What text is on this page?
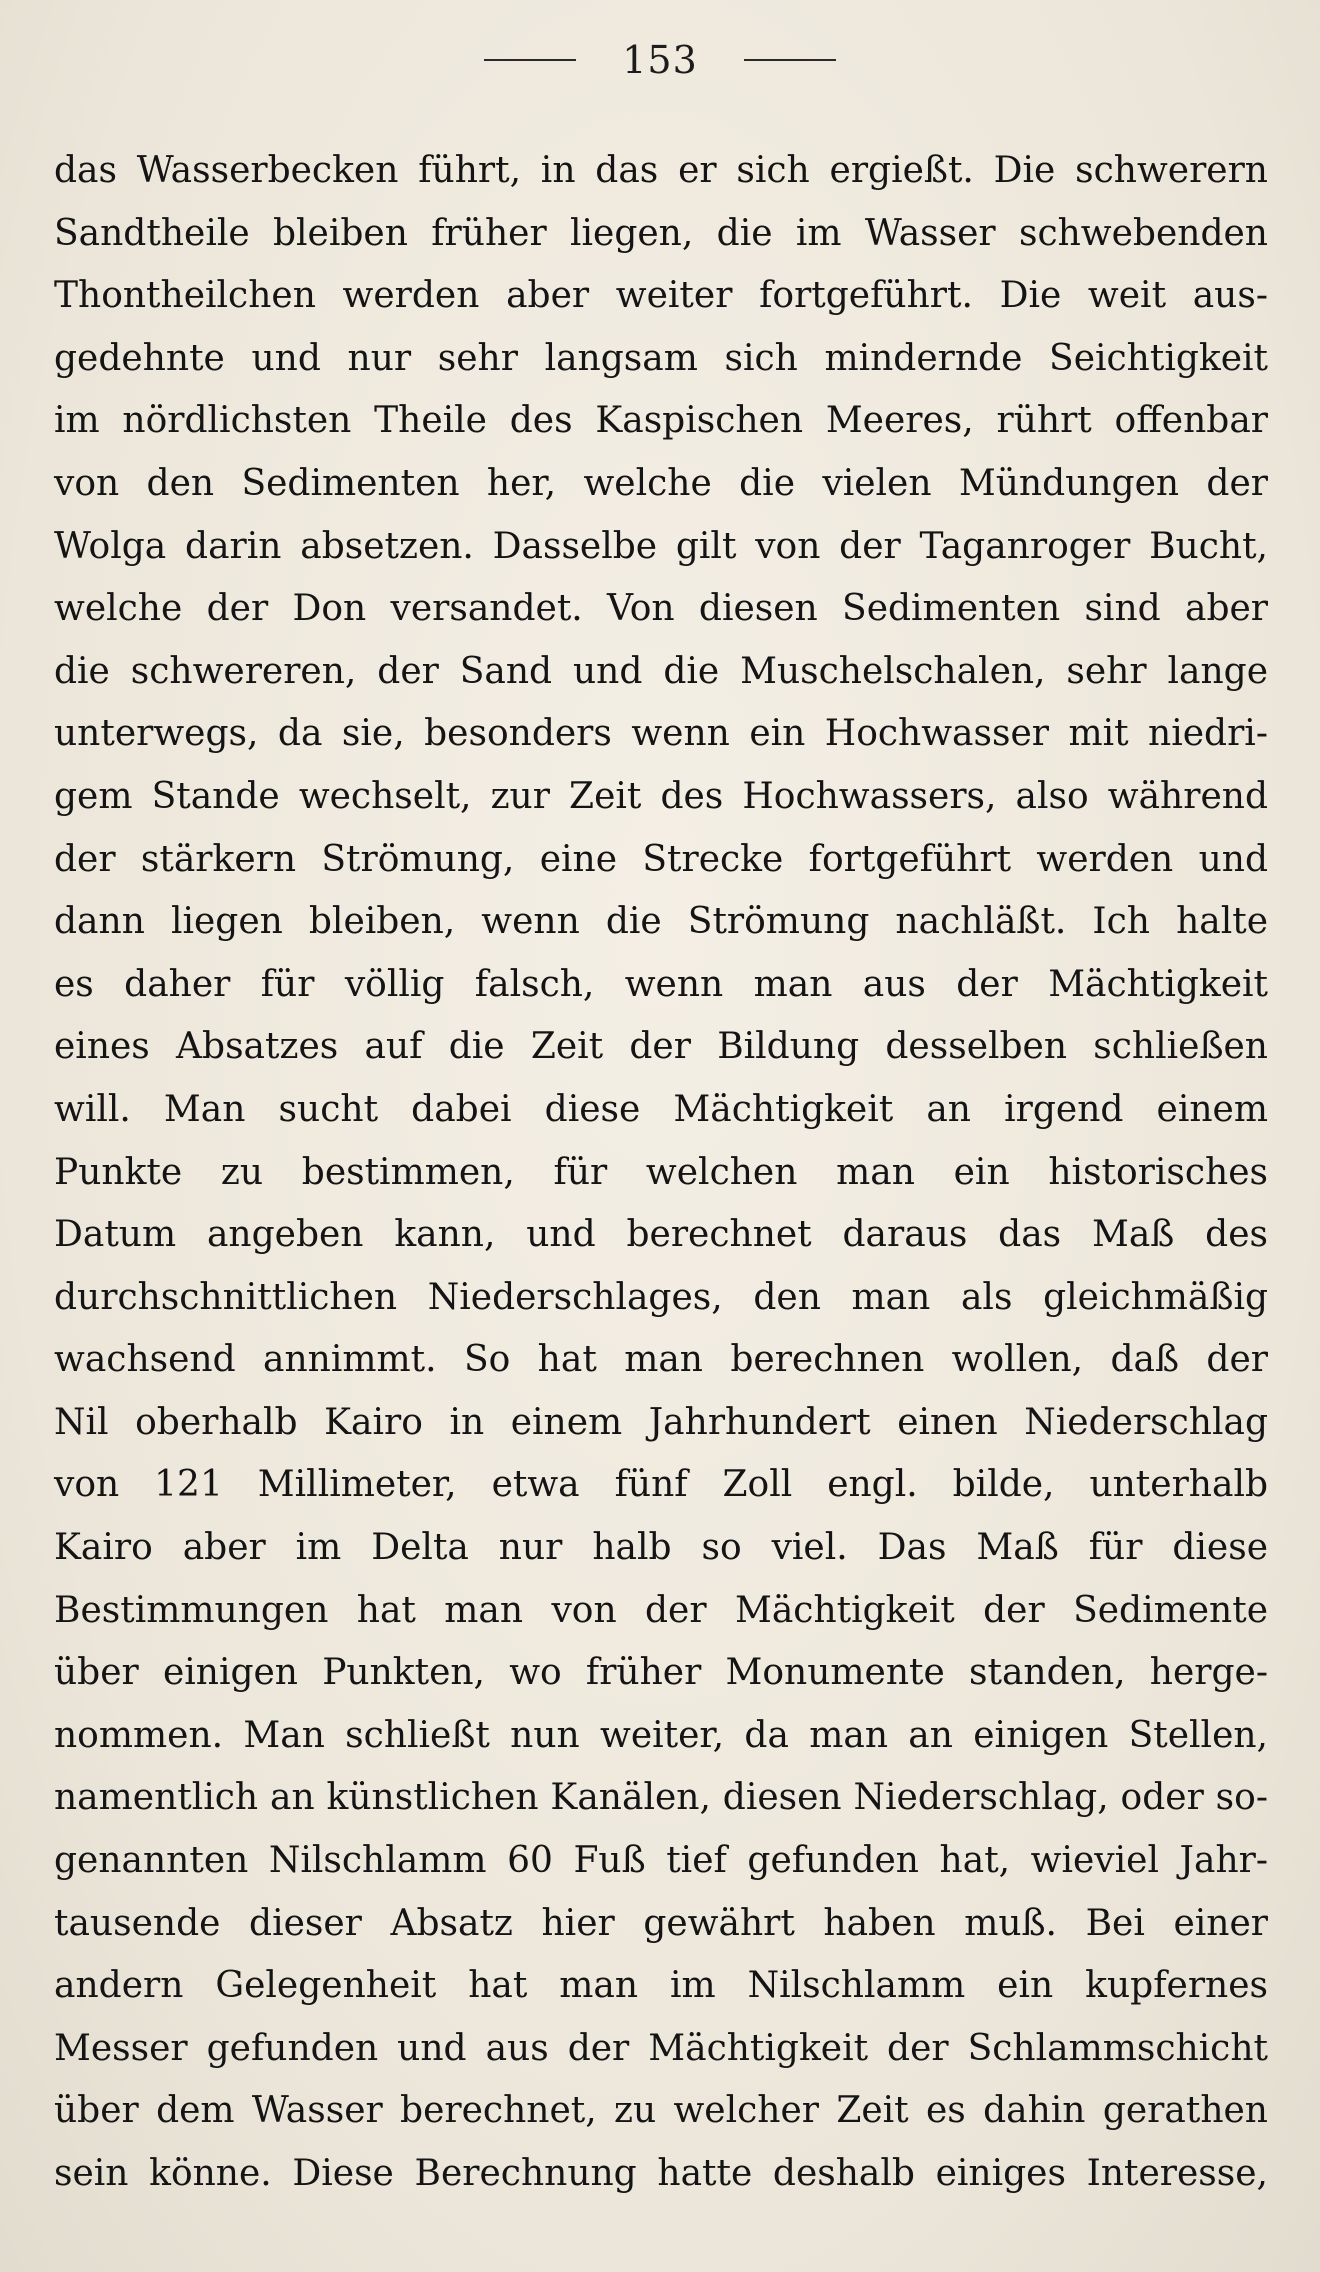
153
das Wasserbecken führt, in das er sich ergießt. Die schwerern
Sandtheile bleiben früher liegen, die im Wasser schwebenden
Thontheilchen werden aber weiter fortgeführt. Die weit aus-
gedehnte und nur sehr langsam sich mindernde Seichtigkeit
im nördlichsten Theile des Kaspischen Meeres, rührt offenbar
von den Sedimenten her, welche die vielen Mündungen der
Wolga darin absetzen. Dasselbe gilt von der Taganroger Bucht,
welche der Don versandet. Von diesen Sedimenten sind aber
die schwereren, der Sand und die Muschelschalen, sehr lange
unterwegs, da sie, besonders wenn ein Hochwasser mit niedri-
gem Stande wechselt, zur Zeit des Hochwassers, also während
der stärkern Strömung, eine Strecke fortgeführt werden und
dann liegen bleiben, wenn die Strömung nachläßt. Ich halte
es daher für völlig falsch, wenn man aus der Mächtigkeit
eines Absatzes auf die Zeit der Bildung desselben schließen
will. Man sucht dabei diese Mächtigkeit an irgend einem
Punkte zu bestimmen, für welchen man ein historisches
Datum angeben kann, und berechnet daraus das Maß des
durchschnittlichen Niederschlages, den man als gleichmäßig
wachsend annimmt. So hat man berechnen wollen, daß der
Nil oberhalb Kairo in einem Jahrhundert einen Niederschlag
von 121 Millimeter, etwa fünf Zoll engl. bilde, unterhalb
Kairo aber im Delta nur halb so viel. Das Maß für diese
Bestimmungen hat man von der Mächtigkeit der Sedimente
über einigen Punkten, wo früher Monumente standen, herge-
nommen. Man schließt nun weiter, da man an einigen Stellen,
namentlich an künstlichen Kanälen, diesen Niederschlag, oder so-
genannten Nilschlamm 60 Fuß tief gefunden hat, wieviel Jahr-
tausende dieser Absatz hier gewährt haben muß. Bei einer
andern Gelegenheit hat man im Nilschlamm ein kupfernes
Messer gefunden und aus der Mächtigkeit der Schlammschicht
über dem Wasser berechnet, zu welcher Zeit es dahin gerathen
sein könne. Diese Berechnung hatte deshalb einiges Interesse,
